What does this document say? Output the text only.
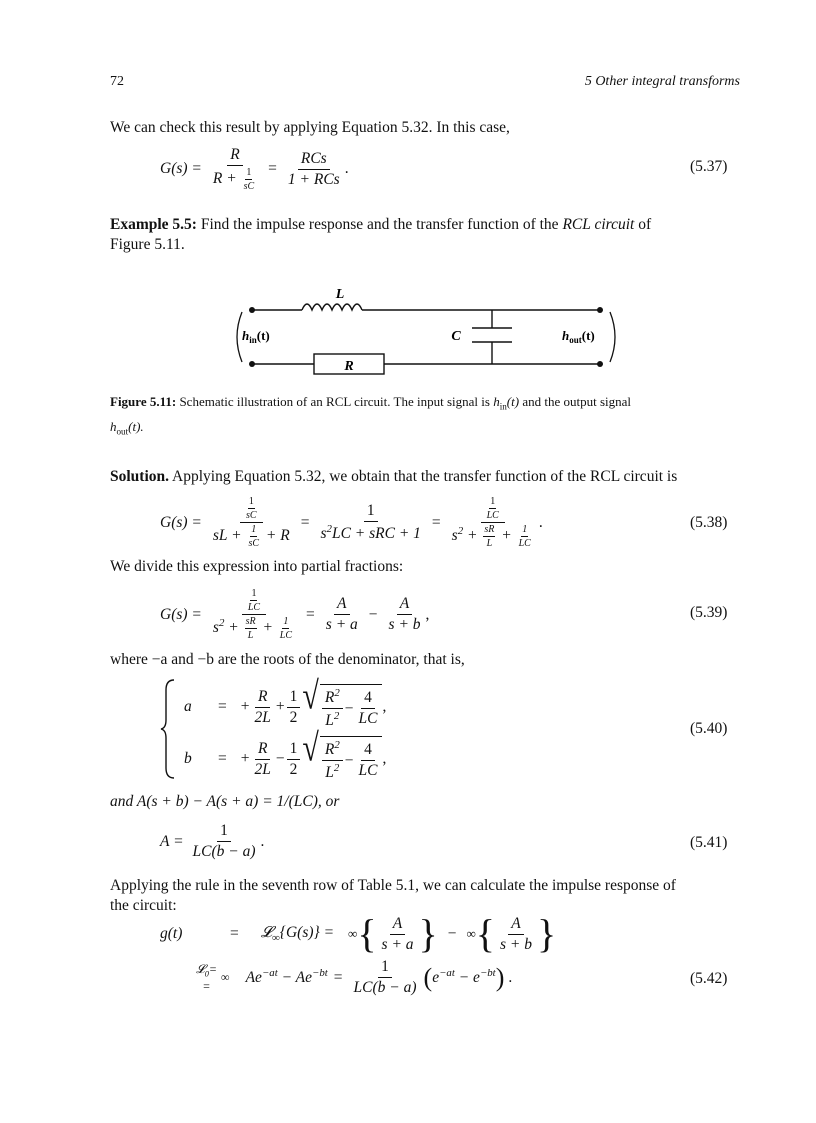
72	5 Other integral transforms
We can check this result by applying Equation 5.32. In this case,
$G(s) = \frac{R}{R + \frac{1}{sC}} = \frac{\text{RCs}}{\text{1 + RCs}}$ .	(5.37)
Example 5.5: Find the impulse response and the transfer function of the RCL circuit of
Figure 5.11.
L
R
C
$h_{in}(t)$	$h_{out}(t)$
Figure 5.11: Schematic illustration of an RCL circuit. The input signal is $h_{in}(t)$ and the output signal
$h_{out}(t)$.
Solution. Applying Equation 5.32, we obtain that the transfer function of the RCL circuit is
$G(s) = \frac{\frac{1}{sC}}{sL + \frac{1}{sC} + R} = \frac{1}{s^2LC + sRC + 1} = \frac{\frac{1}{LC}}{s^2 + \frac{sR}{L} + \frac{1}{LC}}$ .	(5.38)
We divide this expression into partial fractions:
$G(s) = \frac{\frac{1}{LC}}{s^2 + \frac{sR}{L} + \frac{1}{LC}} = \frac{A}{s + a} - \frac{A}{s + b}$ ,	(5.39)
where −a and −b are the roots of the denominator, that is,
a	= + $\frac{R}{2L} + \frac{1}{2}$ √ $\frac{R^2}{L^2} - \frac{4}{LC}$ ,
b	= + $\frac{R}{2L} - \frac{1}{2}$ √ $\frac{R^2}{L^2} - \frac{4}{LC}$ ,
(5.40)
and A(s + b) − A(s + a) = 1/(LC), or
$A = \frac{1}{LC(b - a)}$ .	(5.41)
Applying the rule in the seventh row of Table 5.1, we can calculate the impulse response of
the circuit:
g(t)	= 𝓛$_\infty${G(s)} = ∞ { $\frac{A}{s + a}$ } − ∞ { $\frac{A}{s + b}$ }
𝓛$_0$=
=
∞ $Ae^{-at} - Ae^{-bt} = \frac{1}{LC(b - a)}$ ( $e^{-at} - e^{-bt}$ ) .	(5.42)
